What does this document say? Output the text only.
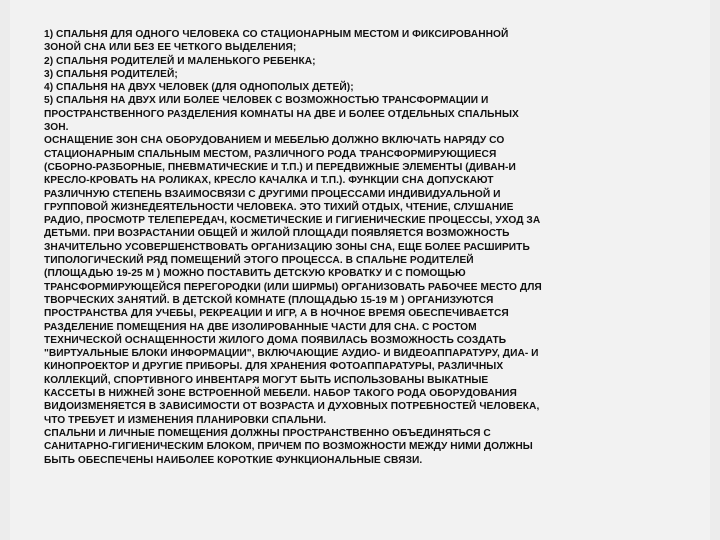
1) СПАЛЬНЯ ДЛЯ ОДНОГО ЧЕЛОВЕКА СО СТАЦИОНАРНЫМ МЕСТОМ И ФИКСИРОВАННОЙ
ЗОНОЙ СНА ИЛИ БЕЗ ЕЕ ЧЕТКОГО ВЫДЕЛЕНИЯ;
2) СПАЛЬНЯ РОДИТЕЛЕЙ И МАЛЕНЬКОГО РЕБЕНКА;
3) СПАЛЬНЯ РОДИТЕЛЕЙ;
4) СПАЛЬНЯ НА ДВУХ ЧЕЛОВЕК (ДЛЯ ОДНОПОЛЫХ ДЕТЕЙ);
5) СПАЛЬНЯ НА ДВУХ ИЛИ БОЛЕЕ ЧЕЛОВЕК С ВОЗМОЖНОСТЬЮ ТРАНСФОРМАЦИИ И
ПРОСТРАНСТВЕННОГО РАЗДЕЛЕНИЯ КОМНАТЫ НА ДВЕ И БОЛЕЕ ОТДЕЛЬНЫХ СПАЛЬНЫХ
ЗОН.
ОСНАЩЕНИЕ ЗОН СНА ОБОРУДОВАНИЕМ И МЕБЕЛЬЮ ДОЛЖНО ВКЛЮЧАТЬ НАРЯДУ СО
СТАЦИОНАРНЫМ СПАЛЬНЫМ МЕСТОМ, РАЗЛИЧНОГО РОДА ТРАНСФОРМИРУЮЩИЕСЯ
(СБОРНО-РАЗБОРНЫЕ, ПНЕВМАТИЧЕСКИЕ И Т.П.) И ПЕРЕДВИЖНЫЕ ЭЛЕМЕНТЫ (ДИВАН-И
КРЕСЛО-КРОВАТЬ НА РОЛИКАХ, КРЕСЛО КАЧАЛКА И Т.П.). ФУНКЦИИ СНА ДОПУСКАЮТ
РАЗЛИЧНУЮ СТЕПЕНЬ ВЗАИМОСВЯЗИ С ДРУГИМИ ПРОЦЕССАМИ ИНДИВИДУАЛЬНОЙ И
ГРУППОВОЙ ЖИЗНЕДЕЯТЕЛЬНОСТИ ЧЕЛОВЕКА. ЭТО ТИХИЙ ОТДЫХ, ЧТЕНИЕ, СЛУШАНИЕ
РАДИО, ПРОСМОТР ТЕЛЕПЕРЕДАЧ, КОСМЕТИЧЕСКИЕ И ГИГИЕНИЧЕСКИЕ ПРОЦЕССЫ, УХОД ЗА
ДЕТЬМИ. ПРИ ВОЗРАСТАНИИ ОБЩЕЙ И ЖИЛОЙ ПЛОЩАДИ ПОЯВЛЯЕТСЯ ВОЗМОЖНОСТЬ
ЗНАЧИТЕЛЬНО УСОВЕРШЕНСТВОВАТЬ ОРГАНИЗАЦИЮ ЗОНЫ СНА, ЕЩЕ БОЛЕЕ РАСШИРИТЬ
ТИПОЛОГИЧЕСКИЙ РЯД ПОМЕЩЕНИЙ ЭТОГО ПРОЦЕССА. В СПАЛЬНЕ РОДИТЕЛЕЙ
(ПЛОЩАДЬЮ 19-25 М ) МОЖНО ПОСТАВИТЬ ДЕТСКУЮ КРОВАТКУ И С ПОМОЩЬЮ
ТРАНСФОРМИРУЮЩЕЙСЯ ПЕРЕГОРОДКИ (ИЛИ ШИРМЫ) ОРГАНИЗОВАТЬ РАБОЧЕЕ МЕСТО ДЛЯ
ТВОРЧЕСКИХ ЗАНЯТИЙ. В ДЕТСКОЙ КОМНАТЕ (ПЛОЩАДЬЮ 15-19 М ) ОРГАНИЗУЮТСЯ
ПРОСТРАНСТВА ДЛЯ УЧЕБЫ, РЕКРЕАЦИИ И ИГР, А В НОЧНОЕ ВРЕМЯ ОБЕСПЕЧИВАЕТСЯ
РАЗДЕЛЕНИЕ ПОМЕЩЕНИЯ НА ДВЕ ИЗОЛИРОВАННЫЕ ЧАСТИ ДЛЯ СНА. С РОСТОМ
ТЕХНИЧЕСКОЙ ОСНАЩЕННОСТИ ЖИЛОГО ДОМА ПОЯВИЛАСЬ ВОЗМОЖНОСТЬ СОЗДАТЬ
"ВИРТУАЛЬНЫЕ БЛОКИ ИНФОРМАЦИИ", ВКЛЮЧАЮЩИЕ АУДИО- И ВИДЕОАППАРАТУРУ, ДИА- И
КИНОПРОЕКТОР И ДРУГИЕ ПРИБОРЫ. ДЛЯ ХРАНЕНИЯ ФОТОАППАРАТУРЫ, РАЗЛИЧНЫХ
КОЛЛЕКЦИЙ, СПОРТИВНОГО ИНВЕНТАРЯ МОГУТ БЫТЬ ИСПОЛЬЗОВАНЫ ВЫКАТНЫЕ
КАССЕТЫ В НИЖНЕЙ ЗОНЕ ВСТРОЕННОЙ МЕБЕЛИ. НАБОР ТАКОГО РОДА ОБОРУДОВАНИЯ
ВИДОИЗМЕНЯЕТСЯ В ЗАВИСИМОСТИ ОТ ВОЗРАСТА И ДУХОВНЫХ ПОТРЕБНОСТЕЙ ЧЕЛОВЕКА,
ЧТО ТРЕБУЕТ И ИЗМЕНЕНИЯ ПЛАНИРОВКИ СПАЛЬНИ.
СПАЛЬНИ И ЛИЧНЫЕ ПОМЕЩЕНИЯ ДОЛЖНЫ ПРОСТРАНСТВЕННО ОБЪЕДИНЯТЬСЯ С
САНИТАРНО-ГИГИЕНИЧЕСКИМ БЛОКОМ, ПРИЧЕМ ПО ВОЗМОЖНОСТИ МЕЖДУ НИМИ ДОЛЖНЫ
БЫТЬ ОБЕСПЕЧЕНЫ НАИБОЛЕЕ КОРОТКИЕ ФУНКЦИОНАЛЬНЫЕ СВЯЗИ.
